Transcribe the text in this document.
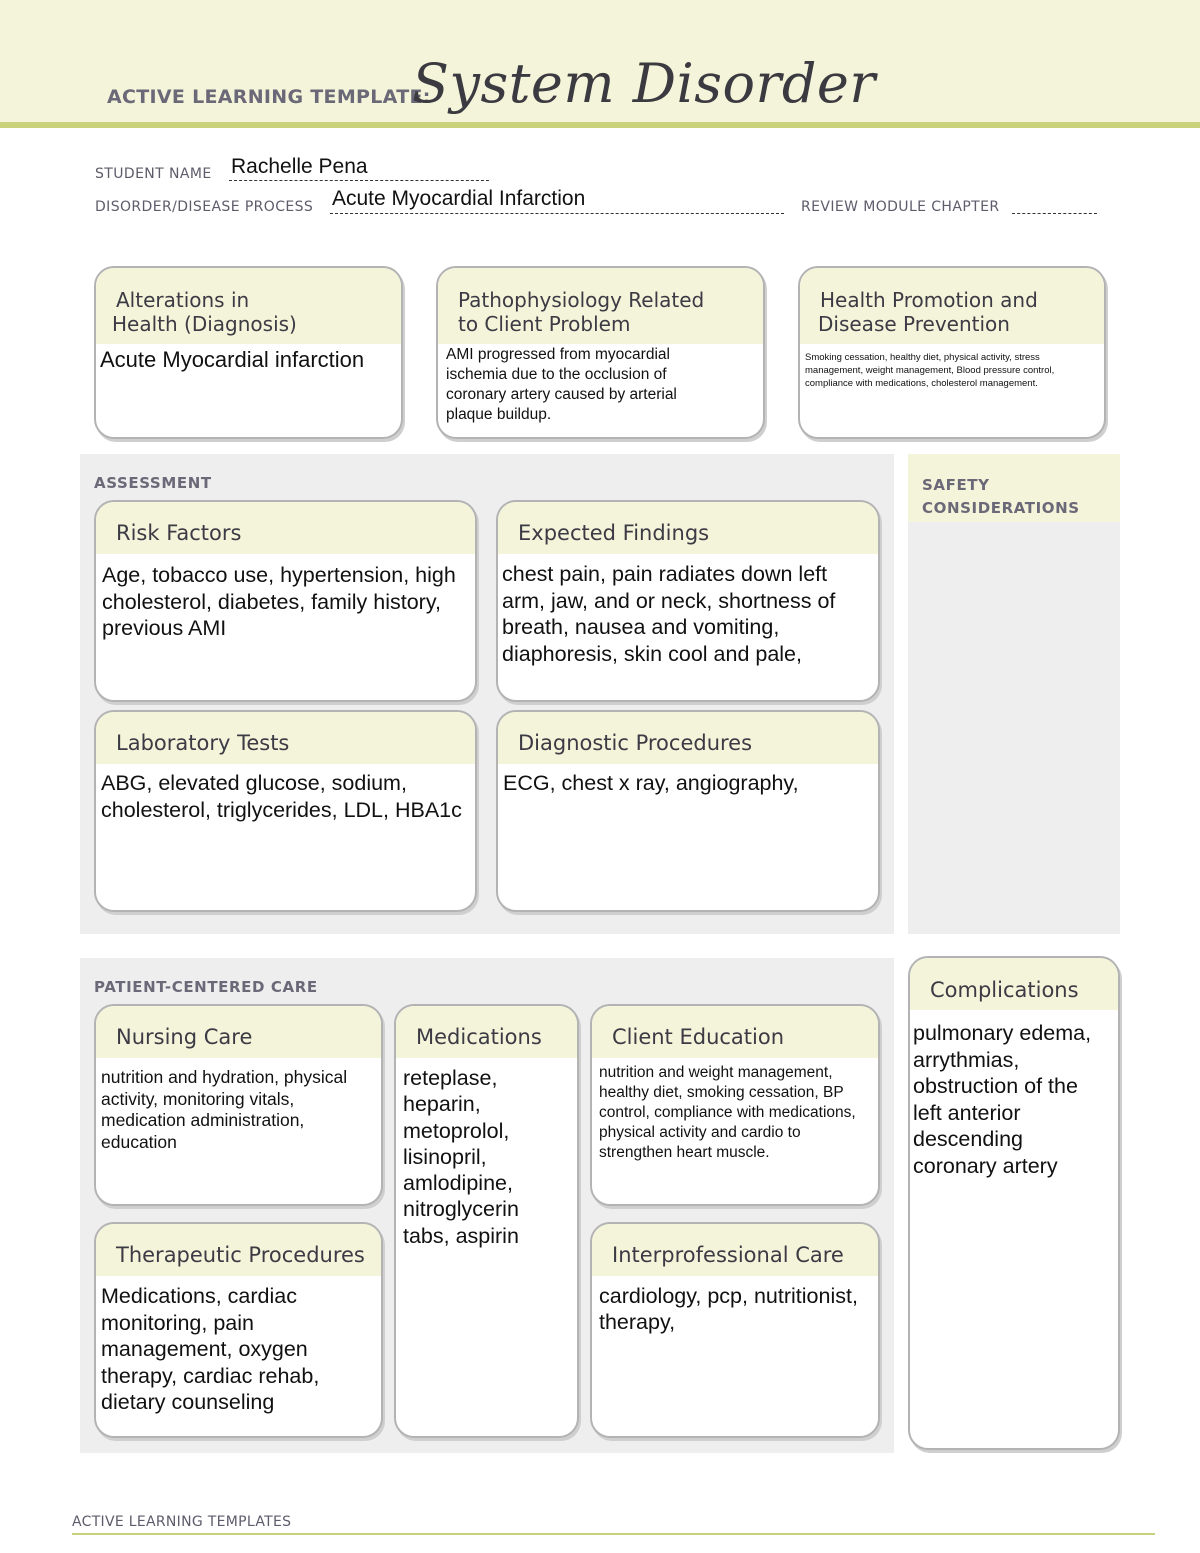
ACTIVE LEARNING TEMPLATE:
System Disorder
STUDENT NAME Rachelle Pena
DISORDER/DISEASE PROCESS Acute Myocardial Infarction	REVIEW MODULE CHAPTER
Alterations in
Health (Diagnosis)
Acute Myocardial infarction
Pathophysiology Related
to Client Problem
AMI progressed from myocardial ischemia due to the occlusion of coronary artery caused by arterial plaque buildup.
Health Promotion and
Disease Prevention
Smoking cessation, healthy diet, physical activity, stress management, weight management, Blood pressure control, compliance with medications, cholesterol management.
ASSESSMENT
Risk Factors
Age, tobacco use, hypertension, high cholesterol, diabetes, family history, previous AMI
Expected Findings
chest pain, pain radiates down left arm, jaw, and or neck, shortness of breath, nausea and vomiting, diaphoresis, skin cool and pale,
Laboratory Tests
ABG, elevated glucose, sodium, cholesterol, triglycerides, LDL, HBA1c
Diagnostic Procedures
ECG, chest x ray, angiography,
SAFETY
CONSIDERATIONS
PATIENT-CENTERED CARE
Nursing Care
nutrition and hydration, physical activity, monitoring vitals, medication administration, education
Medications
reteplase, heparin, metoprolol, lisinopril, amlodipine, nitroglycerin tabs, aspirin
Client Education
nutrition and weight management, healthy diet, smoking cessation, BP control, compliance with medications, physical activity and cardio to strengthen heart muscle.
Therapeutic Procedures
Medications, cardiac monitoring, pain management, oxygen therapy, cardiac rehab, dietary counseling
Interprofessional Care
cardiology, pcp, nutritionist, therapy,
Complications
pulmonary edema, arrythmias, obstruction of the left anterior descending coronary artery
ACTIVE LEARNING TEMPLATES
